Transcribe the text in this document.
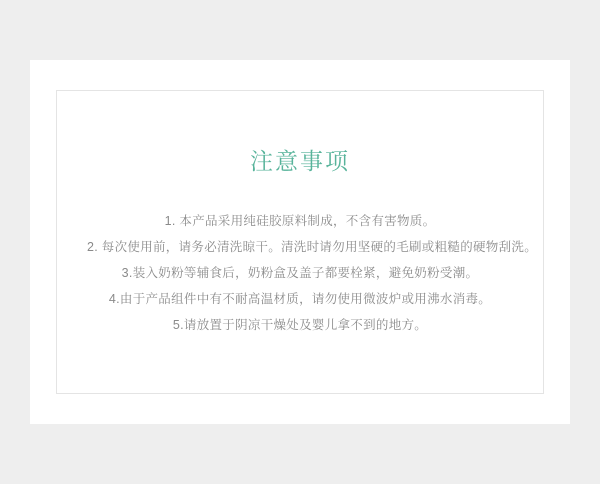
注意事项
1. 本产品采用纯硅胶原料制成，不含有害物质。
2. 每次使用前，请务必清洗晾干。清洗时请勿用坚硬的毛刷或粗糙的硬物刮洗。
3.装入奶粉等辅食后，奶粉盒及盖子都要栓紧，避免奶粉受潮。
4.由于产品组件中有不耐高温材质，请勿使用微波炉或用沸水消毒。
5.请放置于阴凉干燥处及婴儿拿不到的地方。
